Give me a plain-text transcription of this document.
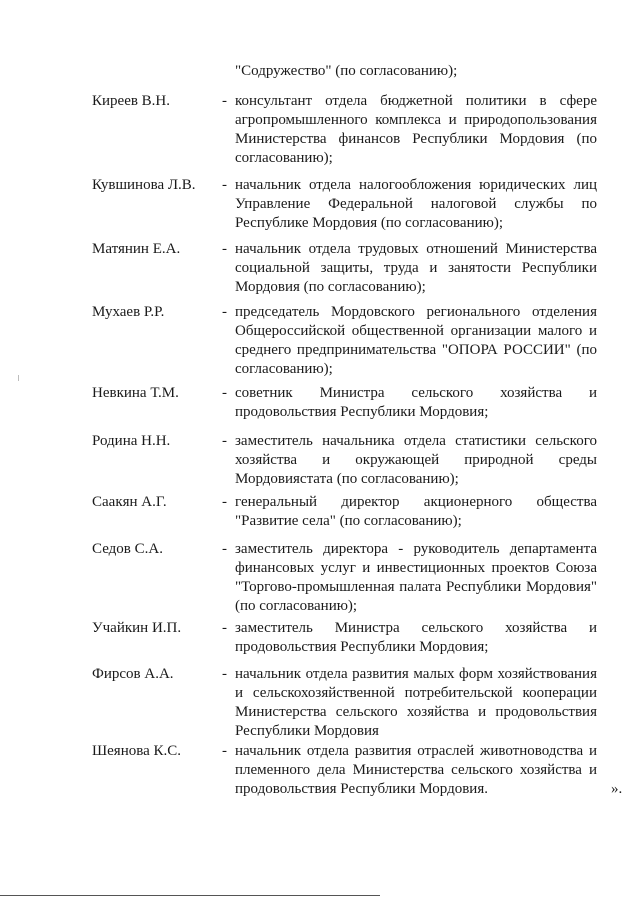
"Содружество" (по согласованию);
Киреев В.Н.	- консультант отдела бюджетной политики в сфере агропромышленного комплекса и природопользования Министерства финансов Республики Мордовия (по согласованию);
Кувшинова Л.В. - начальник отдела налогообложения юридических лиц Управление Федеральной налоговой службы по Республике Мордовия (по согласованию);
Матянин Е.А.	- начальник отдела трудовых отношений Министерства социальной защиты, труда и занятости Республики Мордовия (по согласованию);
Мухаев Р.Р.	- председатель Мордовского регионального отделения Общероссийской общественной организации малого и среднего предпринимательства "ОПОРА РОССИИ" (по согласованию);
Невкина Т.М.	- советник Министра сельского хозяйства и продовольствия Республики Мордовия;
Родина Н.Н.	- заместитель начальника отдела статистики сельского хозяйства и окружающей природной среды Мордовиястата (по согласованию);
Саакян А.Г.	- генеральный директор акционерного общества "Развитие села" (по согласованию);
Седов С.А.	- заместитель директора - руководитель департамента финансовых услуг и инвестиционных проектов Союза "Торгово-промышленная палата Республики Мордовия" (по согласованию);
Учайкин И.П.	- заместитель Министра сельского хозяйства и продовольствия Республики Мордовия;
Фирсов А.А.	- начальник отдела развития малых форм хозяйствования и сельскохозяйственной потребительской кооперации Министерства сельского хозяйства и продовольствия Республики Мордовия
Шеянова К.С.	- начальник отдела развития отраслей животноводства и племенного дела Министерства сельского хозяйства и продовольствия Республики Мордовия.	».
